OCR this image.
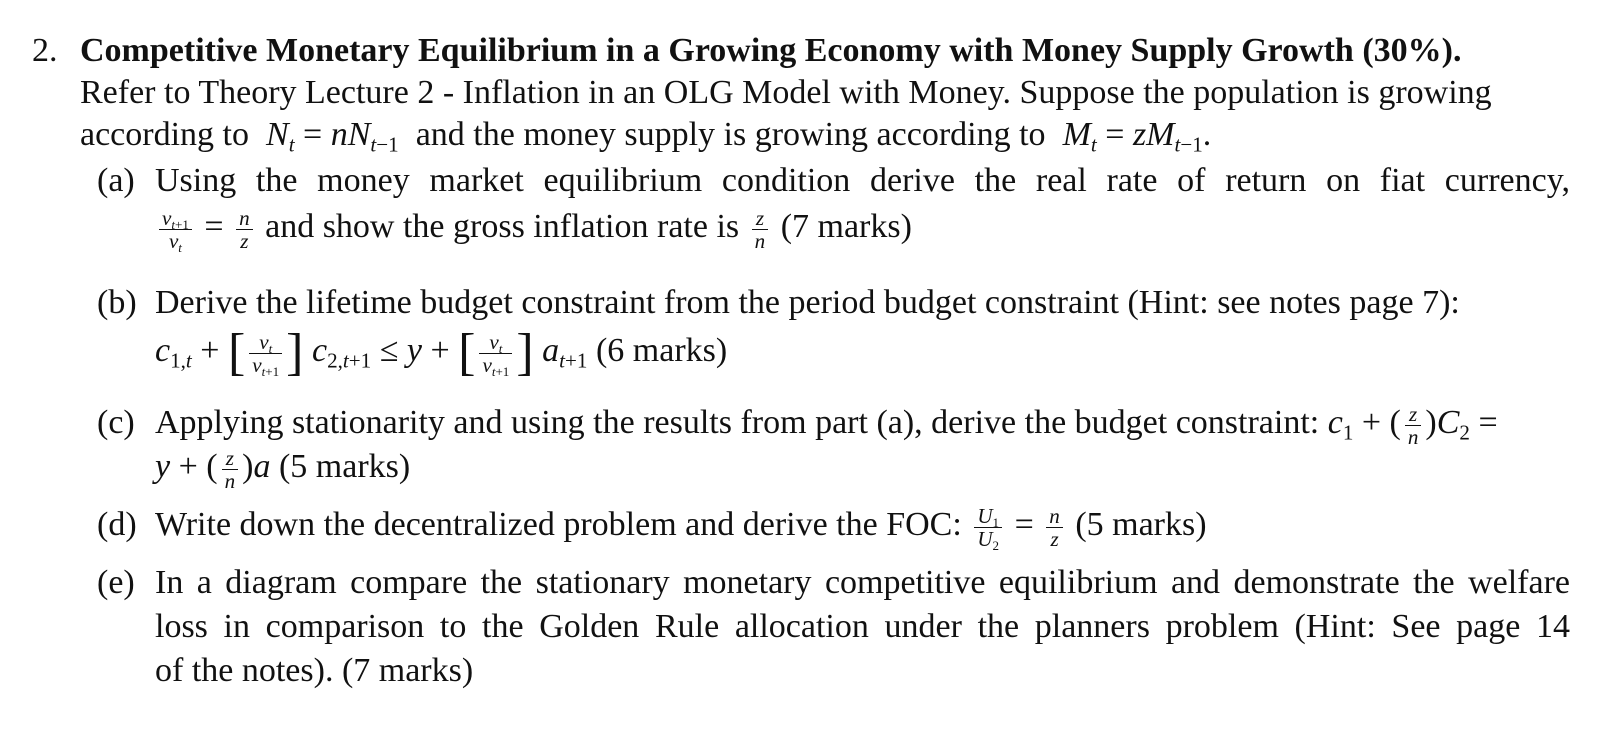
2. Competitive Monetary Equilibrium in a Growing Economy with Money Supply Growth (30%).
Refer to Theory Lecture 2 - Inflation in an OLG Model with Money. Suppose the population is growing
according to $N_t = nN_{t-1}$ and the money supply is growing according to $M_t = zM_{t-1}$.
(a) Using the money market equilibrium condition derive the real rate of return on fiat currency,
$\frac{v_{t+1}}{v_t} = \frac{n}{z}$ and show the gross inflation rate is $\frac{z}{n} (7$ marks)
(b) Derive the lifetime budget constraint from the period budget constraint (Hint: see notes page 7):
$c_{1,t}$ + [ $\frac{v_t}{v_{t+1}}$ ] $c_{2,t+1} \le y$ + [ $\frac{v_t}{v_{t+1}}$ ] $a_{t+1}$ (6 marks)
(c) Applying stationarity and using the results from part (a), derive the budget constraint: $c_1$ + ( $\frac{z}{n} )C_2$ =
y + ( $\frac{z}{n} )a$ (5 marks)
(d) Write down the decentralized problem and derive the FOC: $\frac{U_1}{U_2} = \frac{n}{z} (5$ marks)
(e) In a diagram compare the stationary monetary competitive equilibrium and demonstrate the welfare
loss in comparison to the Golden Rule allocation under the planners problem (Hint: See page 14
of the notes). (7 marks)
